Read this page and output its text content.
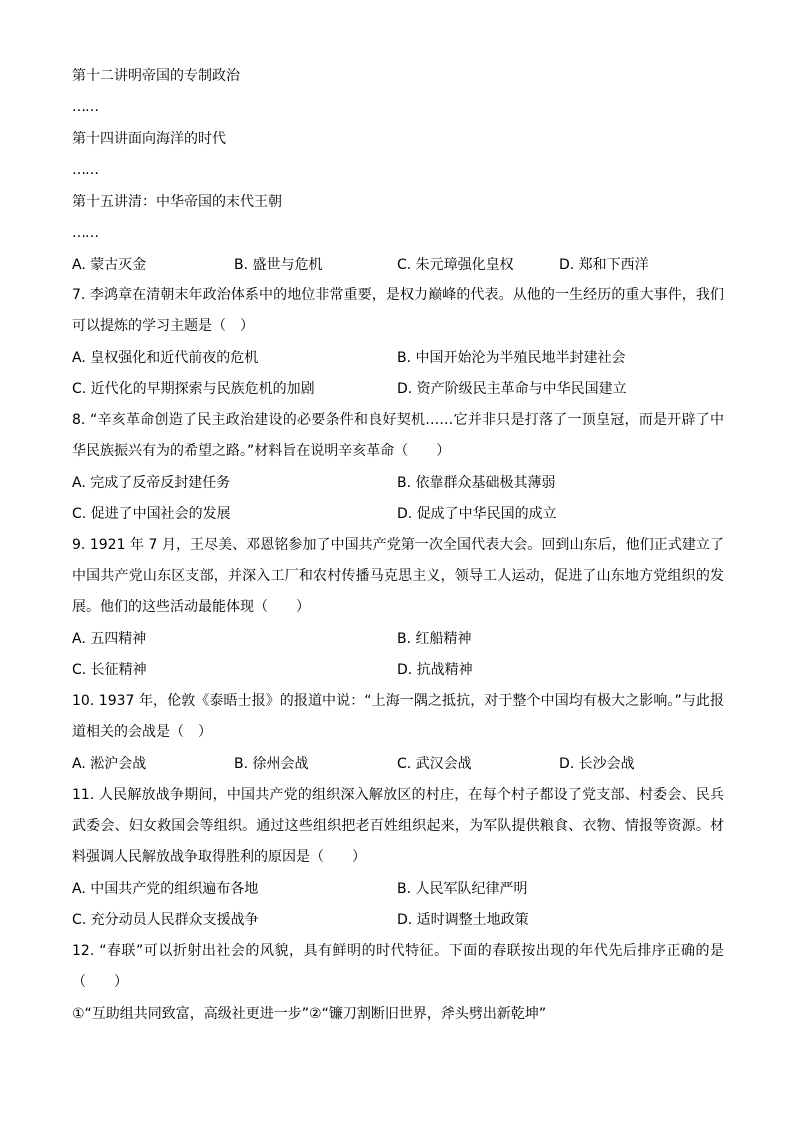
第十二讲明帝国的专制政治
……
第十四讲面向海洋的时代
……
第十五讲清：中华帝国的末代王朝
……
A. 蒙古灭金	B. 盛世与危机	C. 朱元璋强化皇权	D. 郑和下西洋
7. 李鸿章在清朝末年政治体系中的地位非常重要，是权力巅峰的代表。从他的一生经历的重大事件，我们可以提炼的学习主题是（　）
A. 皇权强化和近代前夜的危机	B. 中国开始沦为半殖民地半封建社会
C. 近代化的早期探索与民族危机的加剧	D. 资产阶级民主革命与中华民国建立
8. “辛亥革命创造了民主政治建设的必要条件和良好契机……它并非只是打落了一顶皇冠，而是开辟了中华民族振兴有为的希望之路。”材料旨在说明辛亥革命（　　）
A. 完成了反帝反封建任务	B. 依靠群众基础极其薄弱
C. 促进了中国社会的发展	D. 促成了中华民国的成立
9. 1921 年 7 月，王尽美、邓恩铭参加了中国共产党第一次全国代表大会。回到山东后，他们正式建立了中国共产党山东区支部，并深入工厂和农村传播马克思主义，领导工人运动，促进了山东地方党组织的发展。他们的这些活动最能体现（　　）
A. 五四精神	B. 红船精神
C. 长征精神	D. 抗战精神
10. 1937 年，伦敦《泰晤士报》的报道中说：“上海一隅之抵抗，对于整个中国均有极大之影响。”与此报道相关的会战是（　）
A. 淞沪会战	B. 徐州会战	C. 武汉会战	D. 长沙会战
11. 人民解放战争期间，中国共产党的组织深入解放区的村庄，在每个村子都设了党支部、村委会、民兵武委会、妇女救国会等组织。通过这些组织把老百姓组织起来，为军队提供粮食、衣物、情报等资源。材料强调人民解放战争取得胜利的原因是（　　）
A. 中国共产党的组织遍布各地	B. 人民军队纪律严明
C. 充分动员人民群众支援战争	D. 适时调整土地政策
12. “春联”可以折射出社会的风貌，具有鲜明的时代特征。下面的春联按出现的年代先后排序正确的是（　　）
①“互助组共同致富，高级社更进一步”②“镰刀割断旧世界，斧头劈出新乾坤”
